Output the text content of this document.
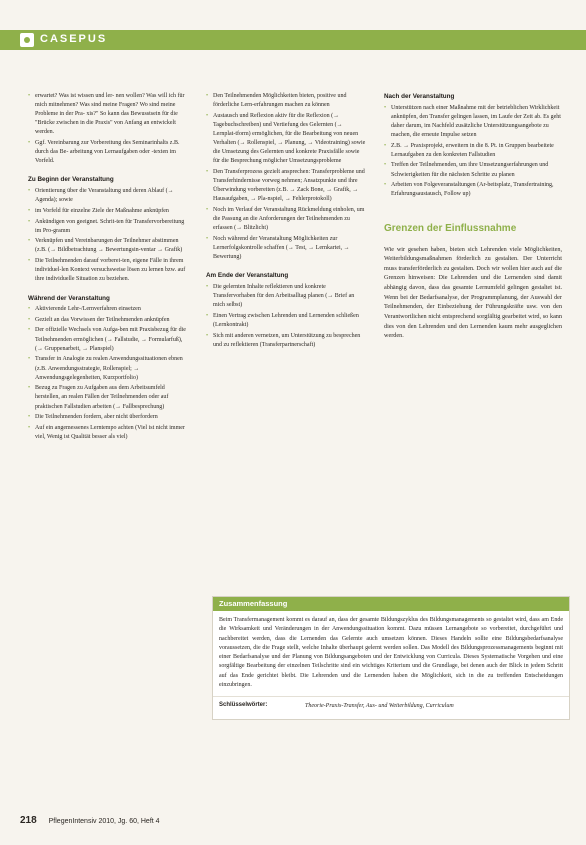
CASEPUS
• erwartet? Was ist wissen und ler- nen wollen? Was will ich für mich mitnehmen? Was sind meine Fragen? Wo sind meine Probleme in der Pra- xis?" So kann das Bewusstsein für die "Brücke zwischen in die Praxis" von Anfang an entwickelt werden.
• Ggf. Vereinbarung zur Vorbereitung des Seminarinhalts z.B. durch das Be- arbeitung von Lernaufgaben oder -texten im Vorfeld.
Zu Beginn der Veranstaltung
• Orientierung über die Veranstaltung und deren Ablauf (→ Agenda); sowie
• im Vorfeld für einzelne Ziele der Maßnahme anknüpfen
• Ankündigen von geeignet. Schrit-ten für Transfervorbereitung im Pro-gramm
• Verknüpfen und Vereinbarungen der Teilnehmer abstimmen (z.B. (→ Bildbetrachtung → Bewertungsin-ventar → Grafik)
• Die Teilnehmenden darauf vorberei-ten, eigene Fälle in ihrem individuel-len Kontext versuchsweise lösen zu lernen bzw. auf ihre individuelle Situation zu beziehen.
Während der Veranstaltung
• Aktivierende Lehr-/Lernverfahren einsetzen
• Gezielt an das Vorwissen der Teilnehmenden anknüpfen
• Der offizielle Wechsels von Aufga-ben mit Praxisbezug für die Teilnehmenden ermöglichen (→ Fallstudie, → Formularfuß), (→ Gruppenarbeit, → Planspiel)
• Transfer in Analogie zu realen Anwendungssituationen ebnen (z.B. Anwendungsstrategie, Rollenspiel; → Anwendungsgelegenheiten, Kurzportfolio)
• Bezug zu Fragen zu Aufgaben aus dem Arbeitsumfeld herstellen, an realen Fällen der Teilnehmenden oder auf praktischen Fallstudien arbeiten (→ Fallbesprechung)
• Die Teilnehmenden fordern, aber nicht überfordern
• Auf ein angemessenes Lerntempo achten (Viel ist nicht immer viel, Wenig ist Qualität besser als viel)
• Den Teilnehmenden Möglichkeiten bieten, positive und förderliche Lern-erfahrungen machen zu können
• Austausch und Reflexion aktiv für die Reflexion (→ Tagebuchschreiben) und Vertiefung des Gelernten (→ Lernplat-tform) ermöglichen, für die Bearbeitung von neuen Verhalten (→ Rollenspiel, → Planung, → Videotraining) sowie die Umsetzung des Gelernten und konkrete Praxisfälle sowie für die Besprechung möglicher Umsetzungsprobleme
• Den Transferprozess gezielt ansprechen: Transferprobleme und Transferhindernisse vorweg nehmen; Ansatzpunkte und ihre Überwindung vorbereiten (z.B. → Zack Bone, → Grafik, → Hausaufgaben, → Pla-nspiel, → Fehlerprotokoll)
• Noch im Verlauf der Veranstaltung Rückmeldung einholen, um die Passung an die Anforderungen der Teilnehmenden zu erfassen (→ Blitzlicht)
• Noch während der Veranstaltung Möglichkeiten zur Lernerfolgskontrolle schaffen (→ Test, → Lernkartei, → Bewertung)
Am Ende der Veranstaltung
• Die gelernten Inhalte reflektieren und konkrete Transfervorhaben für den Arbeitsalltag planen (→ Brief an mich selbst)
• Einen Vertrag zwischen Lehrenden und Lernenden schließen (Lernkontrakt)
• Sich mit anderen vernetzen, um Unterstützung zu besprechen und zu reflektieren (Transferpartnerschaft)
Nach der Veranstaltung
• Unterstützen nach einer Maßnahme mit der betrieblichen Wirklichkeit anknüpfen, den Transfer gelingen lassen, im Laufe der Zeit ab. Es geht daher darum, im Nachfeld zusätzliche Unterstützungsangebote zu machen, die erneute Impulse setzen
• Z.B. → Praxisprojekt, erweitern in die 8. Pt. in Gruppen bearbeitete Lernaufgaben zu den konkreten Fallstudien
• Treffen der Teilnehmenden, um ihre Umsetzungserfahrungen und Schwierigkeiten für die nächsten Schritte zu planen
• Arbeiten von Folgeveranstaltungen (Ar-beitsplatz, Transfertraining, Erfahrungsaustausch, Follow up)
Grenzen der Einflussnahme

Wie wir gesehen haben, bieten sich Lehrenden viele Möglichkeiten, Weiterbildungsmaßnahmen förderlich zu gestalten. Der Unterricht muss transferförderlich zu gestalten. Doch wir wollen hier auch auf die Grenzen hinweisen: Die Lehrenden und die Lernenden sind damit abhängig davon, dass das gesamte Lernumfeld gelingen gestaltet ist. Wenn bei der Bedarfsanalyse, der Programmplanung, der Auswahl der Teilnehmenden, der Einbeziehung der Führungskräfte usw. von den Verantwortlichen nicht entsprechend sorgfältig gearbeitet wird, so kann dies von den Lehrenden und den Lernenden kaum mehr ausgeglichen werden.

Zusammenfassung
Beim Transfermanagement kommt es darauf an, dass der gesamte Bildungszyklus des Bildungsmanagements so gestaltet wird, dass am Ende die Wirksamkeit und Veränderungen in der Anwendungssituation kommt. Dazu müssen Lernangebote so vorbereitet, durchgeführt und nachbereitet werden, dass die Lernenden das Gelernte auch umsetzen können. Dieses Handeln sollte eine Bildungsbedarfsanalyse voraussetzen, die die Frage stellt, welche Inhalte überhaupt gelernt werden sollen. Das Modell des Bildungsprozessmanagements beginnt mit einer Bedarfsanalyse und der Planung von Bildungsangeboten und der Entwicklung von Curricula. Dieses Systematische Vorgehen und eine sorgfältige Bearbeitung der einzelnen Teilschritte sind ein wichtiges Kriterium und die Grundlage, bei denen auch der Blick in jedem Schritt auf das Ende gerichtet bleibt. Die Lehrenden und die Lernenden haben die Möglichkeit, sich in die zu treffenden Entscheidungen einzubringen.
Schlüsselwörter:	Theorie-Praxis-Transfer, Aus- und Weiterbildung, Curriculum
218 PflegenIntensiv 2010, Jg. 60, Heft 4
